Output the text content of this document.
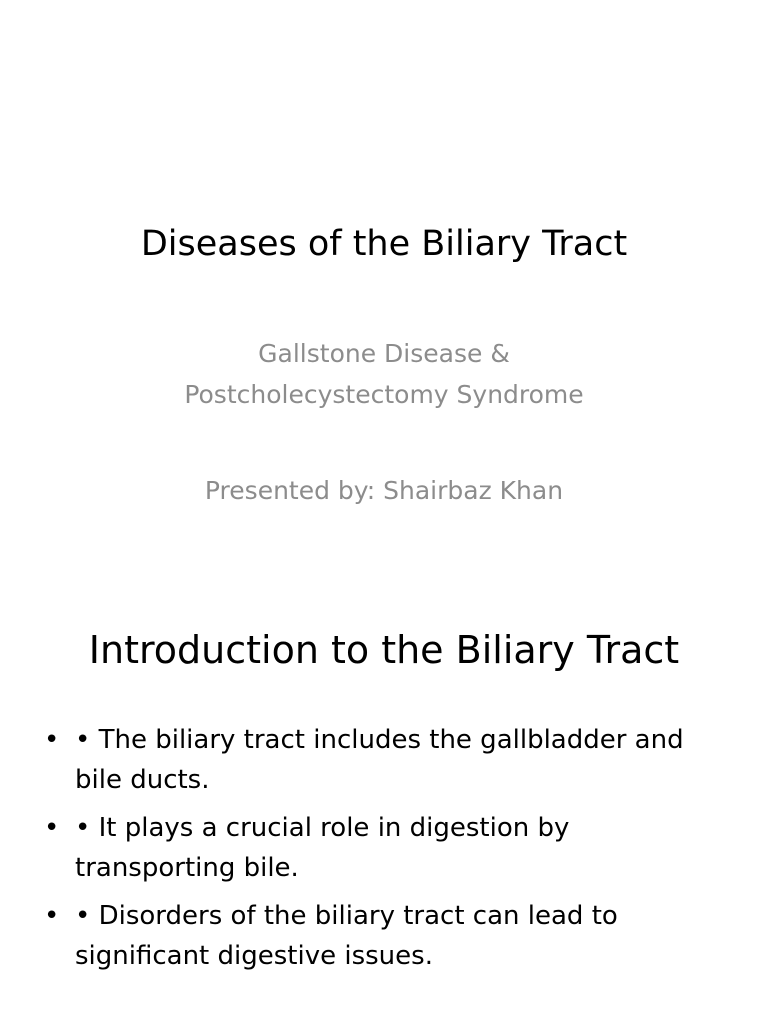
Diseases of the Biliary Tract
Gallstone Disease &
Postcholecystectomy Syndrome
Presented by: Shairbaz Khan
Introduction to the Biliary Tract
• • The biliary tract includes the gallbladder and bile ducts.
• • It plays a crucial role in digestion by transporting bile.
• • Disorders of the biliary tract can lead to significant digestive issues.
